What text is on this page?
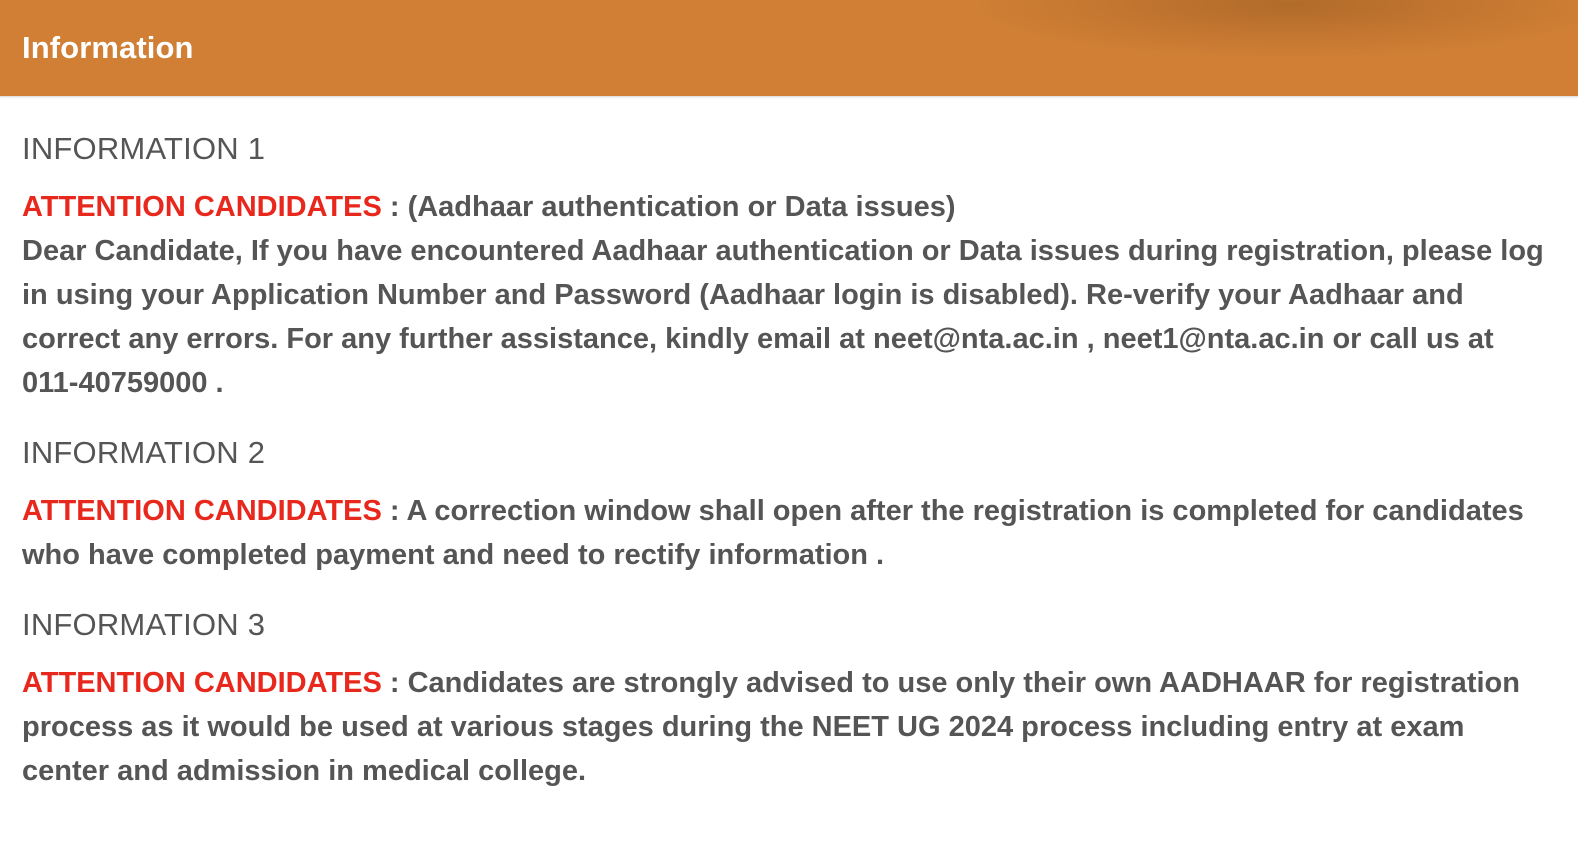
Information
INFORMATION 1

ATTENTION CANDIDATES : (Aadhaar authentication or Data issues)
Dear Candidate, If you have encountered Aadhaar authentication or Data issues during registration, please log in using your Application Number and Password (Aadhaar login is disabled). Re-verify your Aadhaar and correct any errors. For any further assistance, kindly email at neet@nta.ac.in , neet1@nta.ac.in or call us at 011-40759000 .

INFORMATION 2

ATTENTION CANDIDATES : A correction window shall open after the registration is completed for candidates who have completed payment and need to rectify information .

INFORMATION 3

ATTENTION CANDIDATES : Candidates are strongly advised to use only their own AADHAAR for registration process as it would be used at various stages during the NEET UG 2024 process including entry at exam center and admission in medical college.
